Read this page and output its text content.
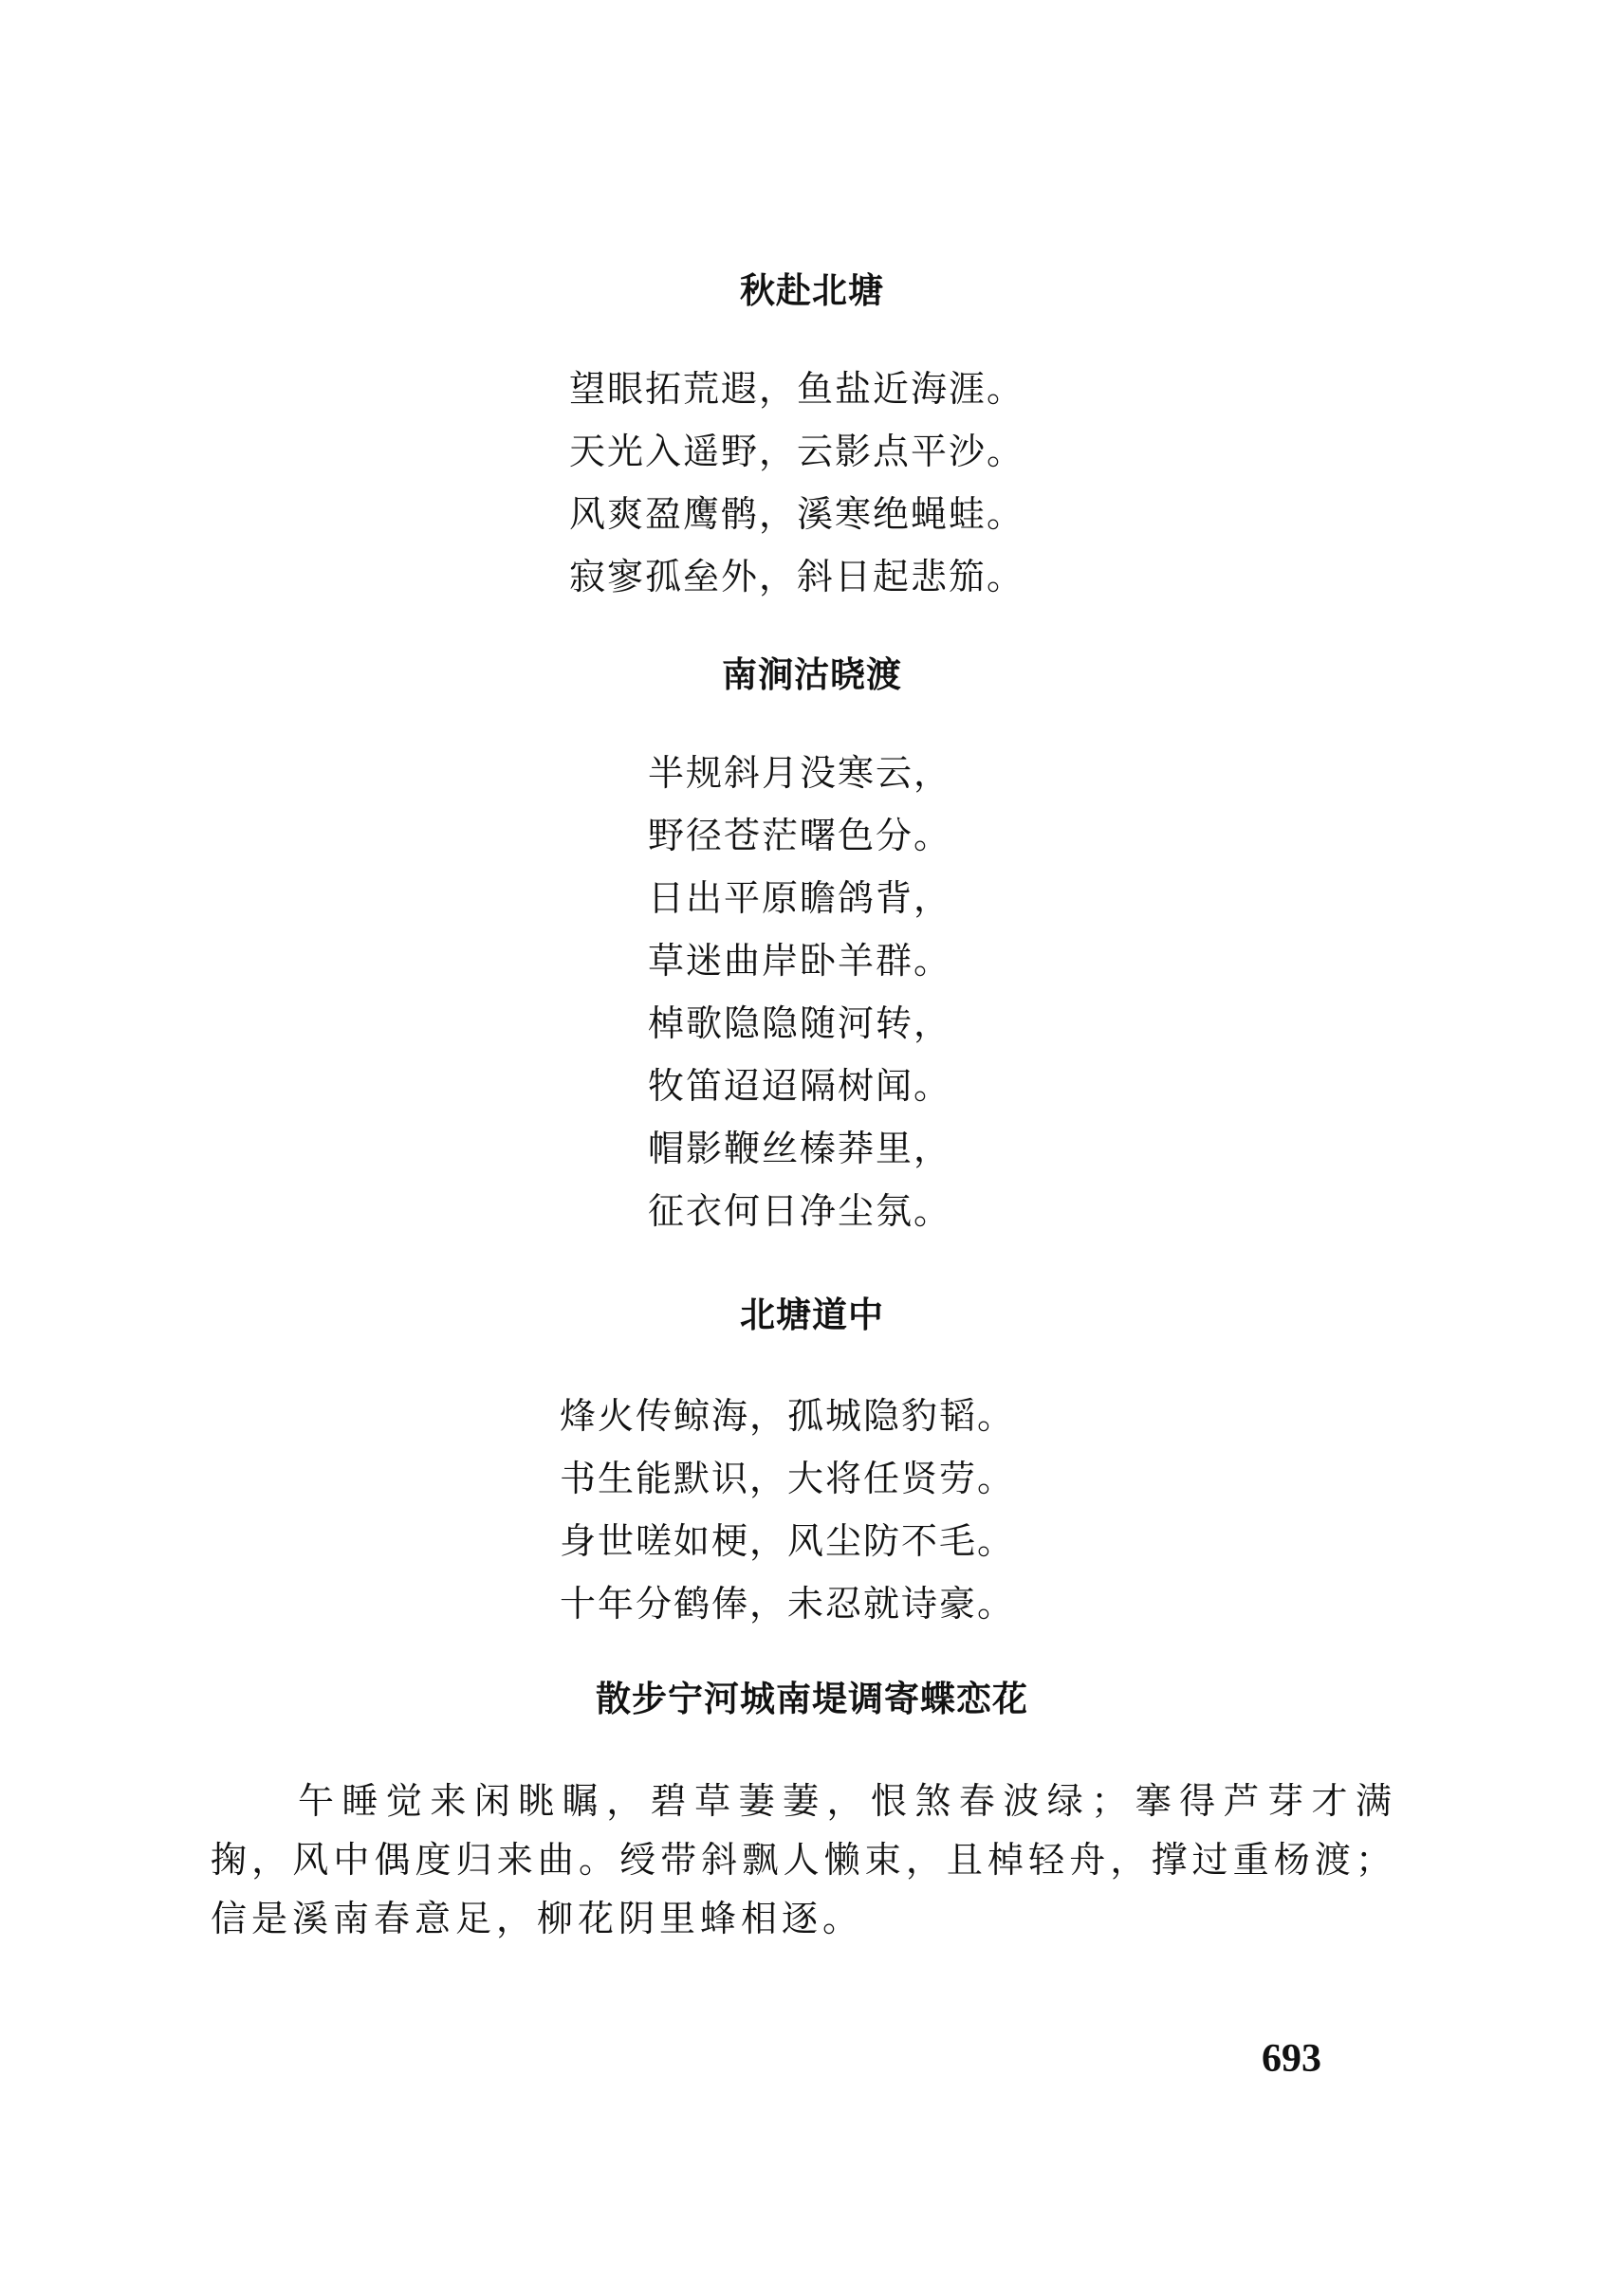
秋赴北塘
望眼拓荒遐，鱼盐近海涯。
天光入遥野，云影点平沙。
风爽盈鹰鹘，溪寒绝蝇蛙。
寂寥孤垒外，斜日起悲笳。
南涧沽晓渡
半规斜月没寒云，
野径苍茫曙色分。
日出平原瞻鸽背，
草迷曲岸卧羊群。
棹歌隐隐随河转，
牧笛迢迢隔树闻。
帽影鞭丝榛莽里，
征衣何日净尘氛。
北塘道中
烽火传鲸海，孤城隐豹韬。
书生能默识，大将任贤劳。
身世嗟如梗，风尘防不毛。
十年分鹤俸，未忍就诗豪。
散步宁河城南堤调寄蝶恋花

午睡觉来闲眺瞩，碧草萋萋，恨煞春波绿；搴得芦芽才满掬，风中偶度归来曲。绶带斜飘人懒束，且棹轻舟，撑过重杨渡；信是溪南春意足，柳花阴里蜂相逐。

693
